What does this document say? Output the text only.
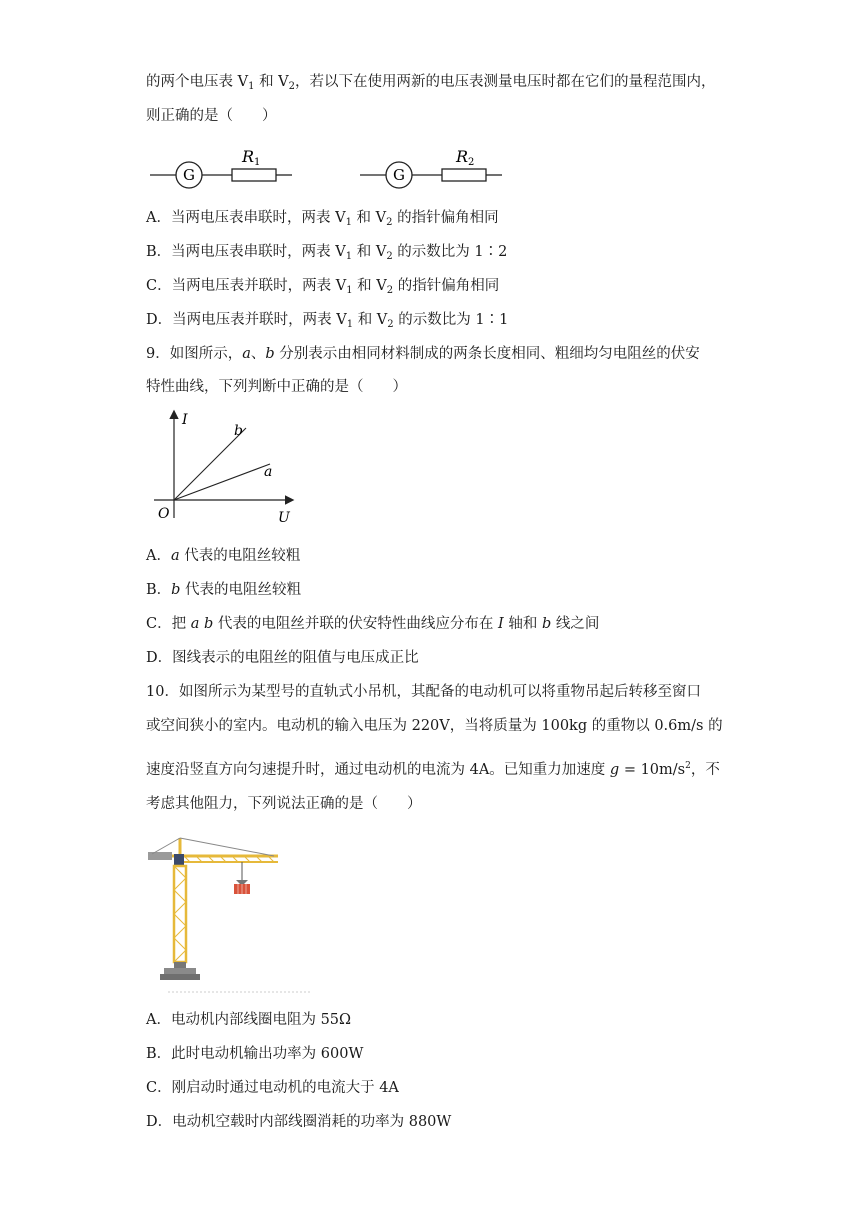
的两个电压表 $V_1$ 和 $V_2$，若以下在使用两新的电压表测量电压时都在它们的量程范围内，
则正确的是（　　）
G
R 1
G
R 2
A．当两电压表串联时，两表 $V_1$ 和 $V_2$ 的指针偏角相同
B．当两电压表串联时，两表 $V_1$ 和 $V_2$ 的示数比为 1∶2
C．当两电压表并联时，两表 $V_1$ 和 $V_2$ 的指针偏角相同
D．当两电压表并联时，两表 $V_1$ 和 $V_2$ 的示数比为 1∶1
9．如图所示，a、b 分别表示由相同材料制成的两条长度相同、粗细均匀电阻丝的伏安
特性曲线，下列判断中正确的是（　　）
I
U
O
b
a
A．a 代表的电阻丝较粗
B．b 代表的电阻丝较粗
C．把 a b 代表的电阻丝并联的伏安特性曲线应分布在 I 轴和 b 线之间
D．图线表示的电阻丝的阻值与电压成正比
10．如图所示为某型号的直轨式小吊机，其配备的电动机可以将重物吊起后转移至窗口
或空间狭小的室内。电动机的输入电压为 220V，当将质量为 100kg 的重物以 0.6m/s 的
速度沿竖直方向匀速提升时，通过电动机的电流为 4A。已知重力加速度 $g = 10m/s^2$，不
考虑其他阻力，下列说法正确的是（　　）
A．电动机内部线圈电阻为 55Ω
B．此时电动机输出功率为 600W
C．刚启动时通过电动机的电流大于 4A
D．电动机空载时内部线圈消耗的功率为 880W
